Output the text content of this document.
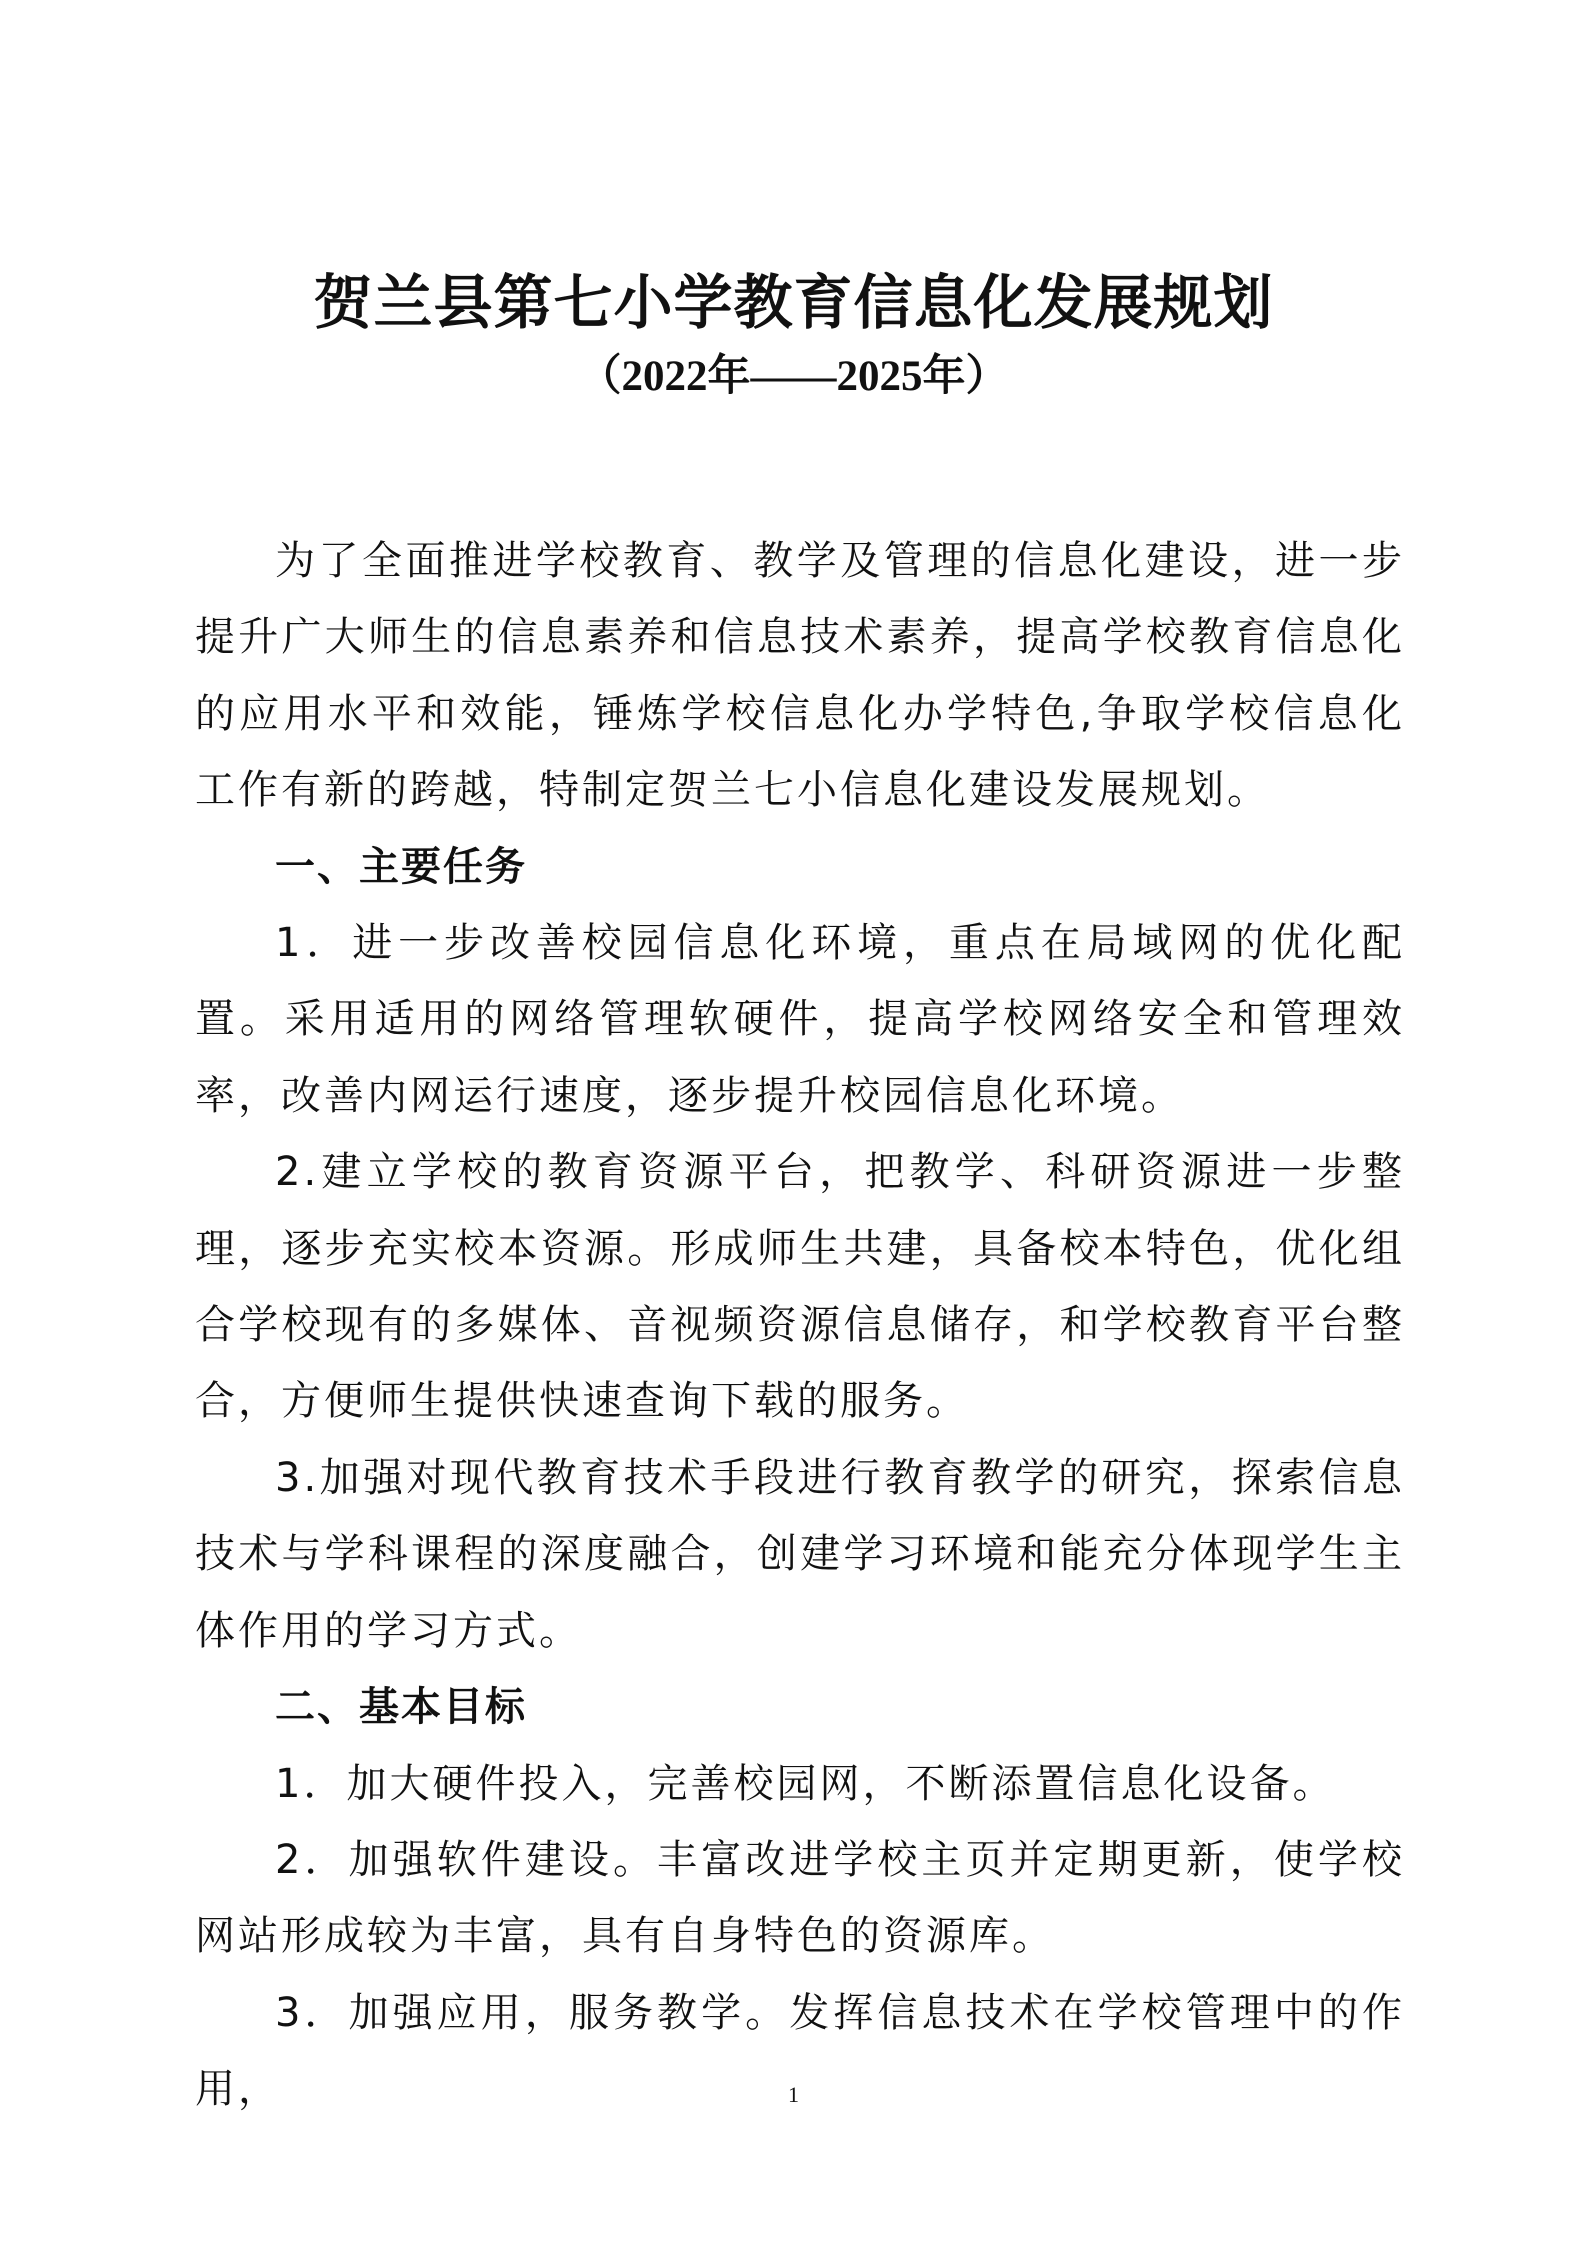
贺兰县第七小学教育信息化发展规划
（2022年——2025年）

为了全面推进学校教育、教学及管理的信息化建设，进一步提升广大师生的信息素养和信息技术素养，提高学校教育信息化的应用水平和效能，锤炼学校信息化办学特色,争取学校信息化工作有新的跨越，特制定贺兰七小信息化建设发展规划。

一、主要任务

1．进一步改善校园信息化环境，重点在局域网的优化配置。采用适用的网络管理软硬件，提高学校网络安全和管理效率，改善内网运行速度，逐步提升校园信息化环境。

2.建立学校的教育资源平台，把教学、科研资源进一步整理，逐步充实校本资源。形成师生共建，具备校本特色，优化组合学校现有的多媒体、音视频资源信息储存，和学校教育平台整合，方便师生提供快速查询下载的服务。

3.加强对现代教育技术手段进行教育教学的研究，探索信息技术与学科课程的深度融合，创建学习环境和能充分体现学生主体作用的学习方式。

二、基本目标

1．加大硬件投入，完善校园网，不断添置信息化设备。

2．加强软件建设。丰富改进学校主页并定期更新，使学校网站形成较为丰富，具有自身特色的资源库。

3．加强应用，服务教学。发挥信息技术在学校管理中的作用，	1
